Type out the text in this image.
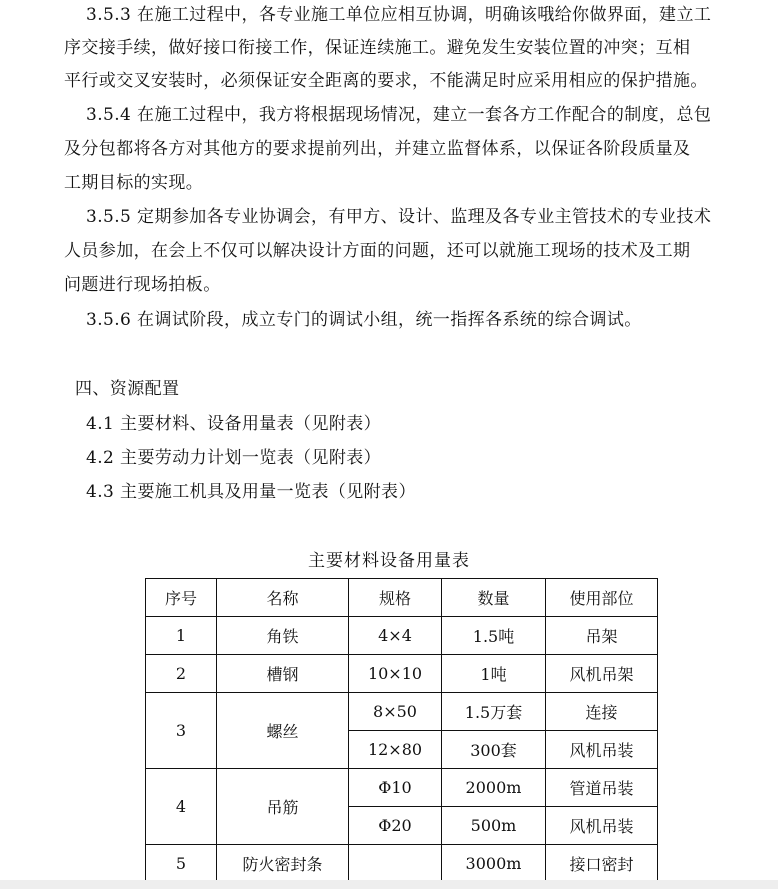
3.5.3 在施工过程中，各专业施工单位应相互协调，明确该哦给你做界面，建立工

序交接手续，做好接口衔接工作，保证连续施工。避免发生安装位置的冲突；互相

平行或交叉安装时，必须保证安全距离的要求，不能满足时应采用相应的保护措施。

3.5.4 在施工过程中，我方将根据现场情况，建立一套各方工作配合的制度，总包

及分包都将各方对其他方的要求提前列出，并建立监督体系，以保证各阶段质量及

工期目标的实现。

3.5.5 定期参加各专业协调会，有甲方、设计、监理及各专业主管技术的专业技术

人员参加，在会上不仅可以解决设计方面的问题，还可以就施工现场的技术及工期

问题进行现场拍板。

3.5.6 在调试阶段，成立专门的调试小组，统一指挥各系统的综合调试。

四、资源配置

4.1 主要材料、设备用量表（见附表）

4.2 主要劳动力计划一览表（见附表）

4.3 主要施工机具及用量一览表（见附表）

主要材料设备用量表
序号	名称	规格	数量	使用部位
1	角铁	4×4	1.5吨	吊架
2	槽钢	10×10	1吨	风机吊架
3	螺丝	8×50	1.5万套	连接
		12×80	300套	风机吊装
4	吊筋	Φ10	2000m	管道吊装
		Φ20	500m	风机吊装
5	防火密封条		3000m	接口密封
